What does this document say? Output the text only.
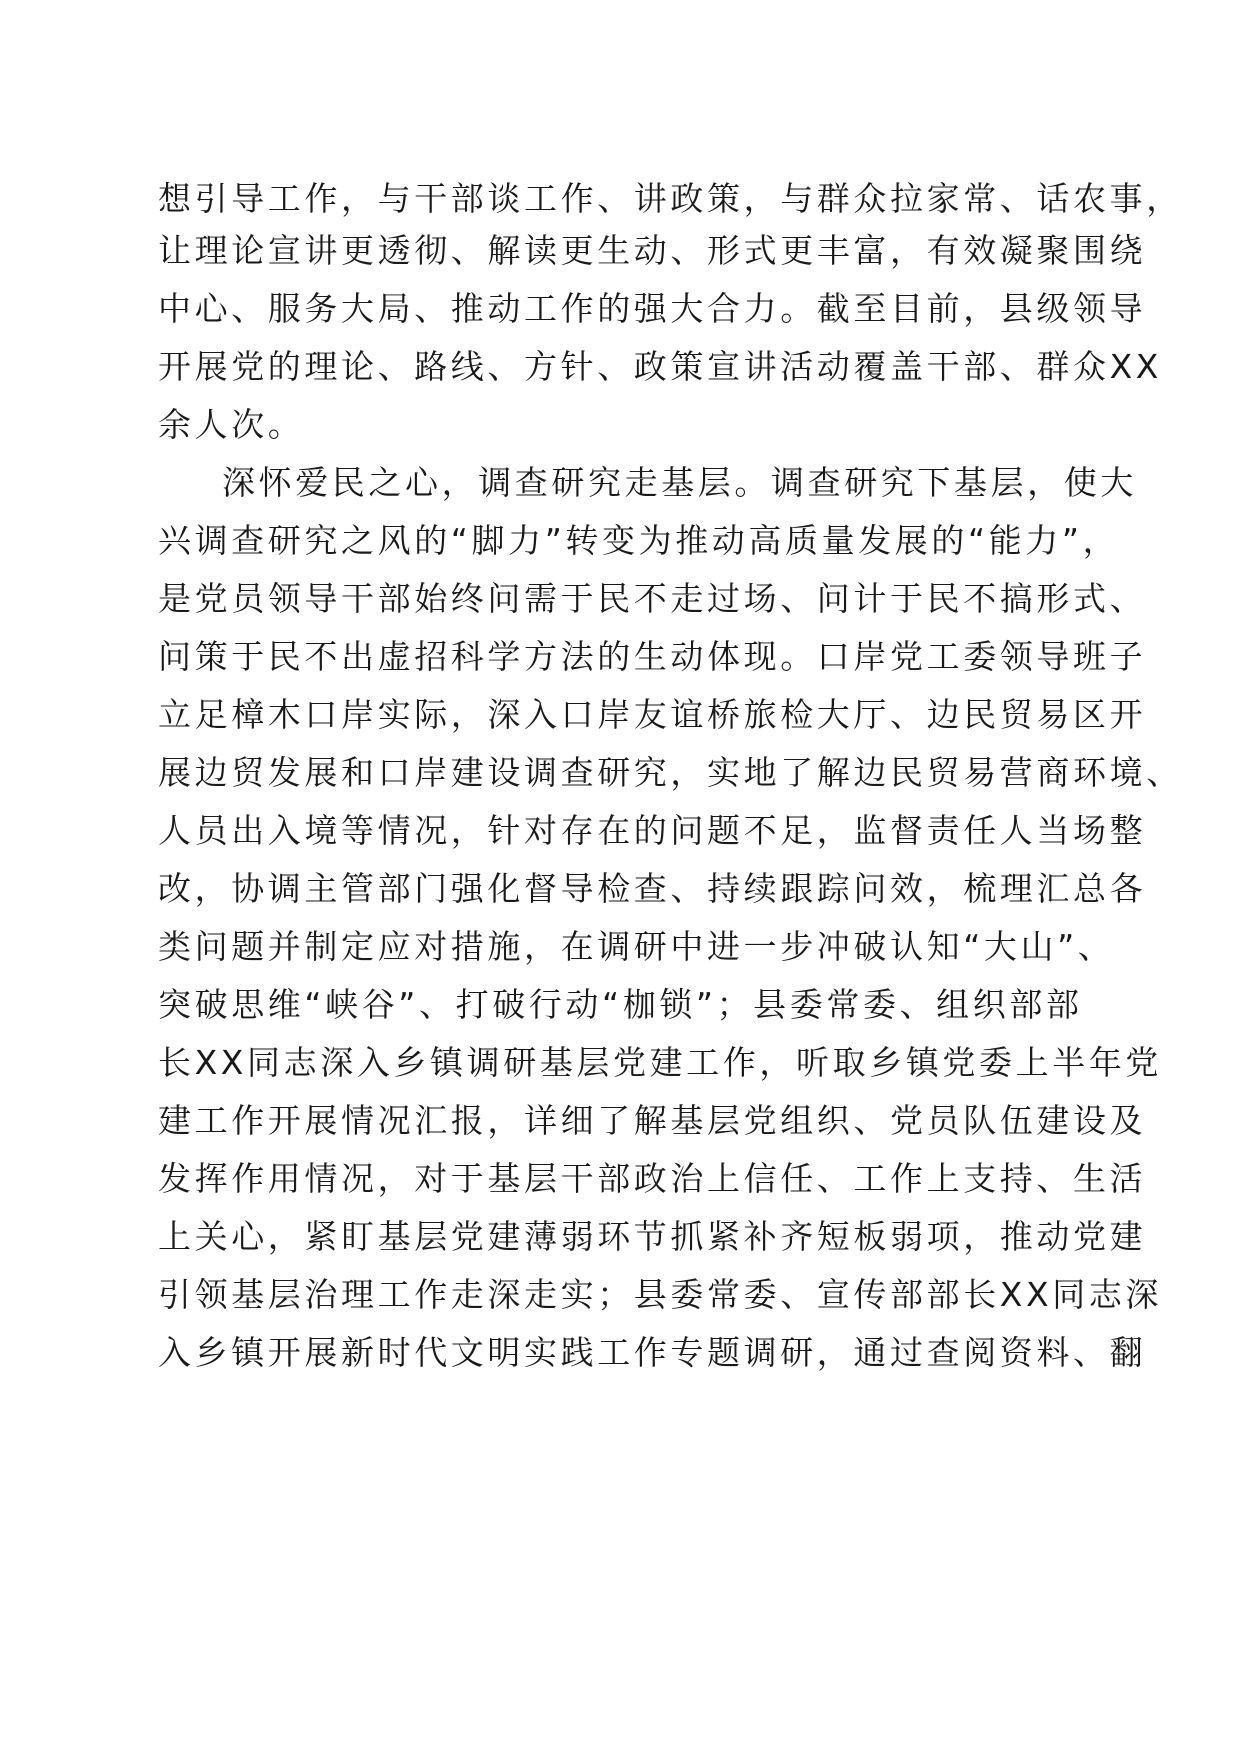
想引导工作，与干部谈工作、讲政策，与群众拉家常、话农事，

让理论宣讲更透彻、解读更生动、形式更丰富，有效凝聚围绕

中心、服务大局、推动工作的强大合力。截至目前，县级领导

开展党的理论、路线、方针、政策宣讲活动覆盖干部、群众XX

余人次。

深怀爱民之心，调查研究走基层。调查研究下基层，使大

兴调查研究之风的“脚力”转变为推动高质量发展的“能力”，

是党员领导干部始终问需于民不走过场、问计于民不搞形式、

问策于民不出虚招科学方法的生动体现。口岸党工委领导班子

立足樟木口岸实际，深入口岸友谊桥旅检大厅、边民贸易区开

展边贸发展和口岸建设调查研究，实地了解边民贸易营商环境、

人员出入境等情况，针对存在的问题不足，监督责任人当场整

改，协调主管部门强化督导检查、持续跟踪问效，梳理汇总各

类问题并制定应对措施，在调研中进一步冲破认知“大山”、

突破思维“峡谷”、打破行动“枷锁”；县委常委、组织部部

长XX同志深入乡镇调研基层党建工作，听取乡镇党委上半年党

建工作开展情况汇报，详细了解基层党组织、党员队伍建设及

发挥作用情况，对于基层干部政治上信任、工作上支持、生活

上关心，紧盯基层党建薄弱环节抓紧补齐短板弱项，推动党建

引领基层治理工作走深走实；县委常委、宣传部部长XX同志深

入乡镇开展新时代文明实践工作专题调研，通过查阅资料、翻
